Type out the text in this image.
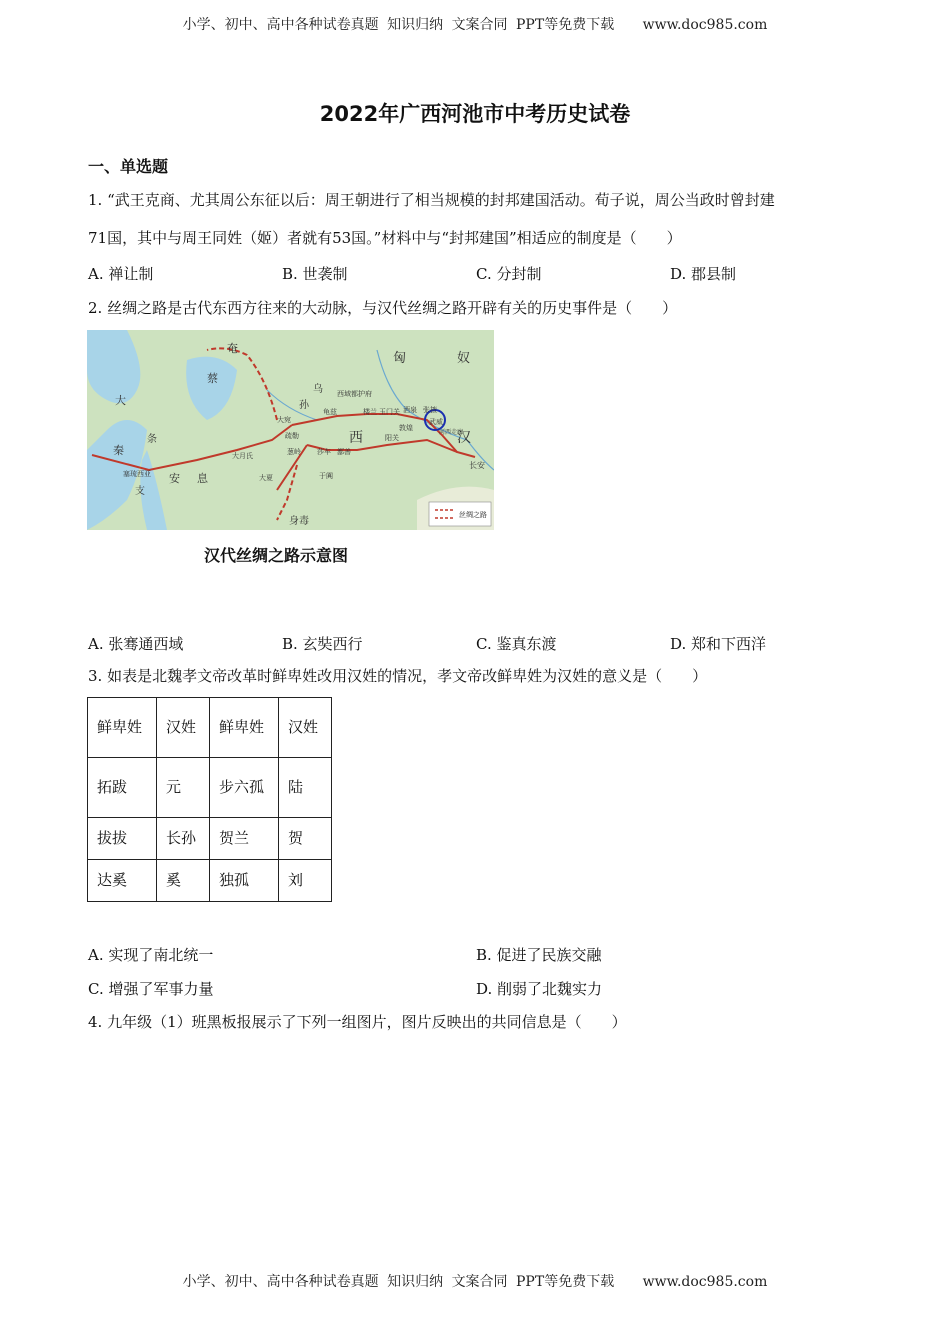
小学、初中、高中各种试卷真题 知识归纳 文案合同 PPT等免费下载 www.doc985.com
2022年广西河池市中考历史试卷
一、单选题
1. “武王克商、尤其周公东征以后：周王朝进行了相当规模的封邦建国活动。荀子说，周公当政时曾封建
71国，其中与周王同姓（姬）者就有53国。”材料中与“封邦建国”相适应的制度是（　　）
A. 禅让制	B. 世袭制	C. 分封制	D. 郡县制
2. 丝绸之路是古代东西方往来的大动脉，与汉代丝绸之路开辟有关的历史事件是（　　）
丝绸之路
匈	奴
奄
蔡
大
秦
条
支
安 息
乌
孙
西	汉
长安
大宛
大月氏
大夏
身毒
西域都护府
玉门关 酒泉 张掖
武威
敦煌
阳关
楼兰
龟兹
疏勒
葱岭 莎车 鄯善
于阗
塞琉西亚
河西走廊
汉代丝绸之路示意图
A. 张骞通西域	B. 玄奘西行	C. 鉴真东渡	D. 郑和下西洋
3. 如表是北魏孝文帝改革时鲜卑姓改用汉姓的情况，孝文帝改鲜卑姓为汉姓的意义是（　　）
鲜卑姓	汉姓	鲜卑姓	汉姓
拓跋	元	步六孤	陆
拔拔	长孙	贺兰	贺
达奚	奚	独孤	刘
A. 实现了南北统一	B. 促进了民族交融
C. 增强了军事力量	D. 削弱了北魏实力
4. 九年级（1）班黑板报展示了下列一组图片，图片反映出的共同信息是（　　）
小学、初中、高中各种试卷真题 知识归纳 文案合同 PPT等免费下载 www.doc985.com
